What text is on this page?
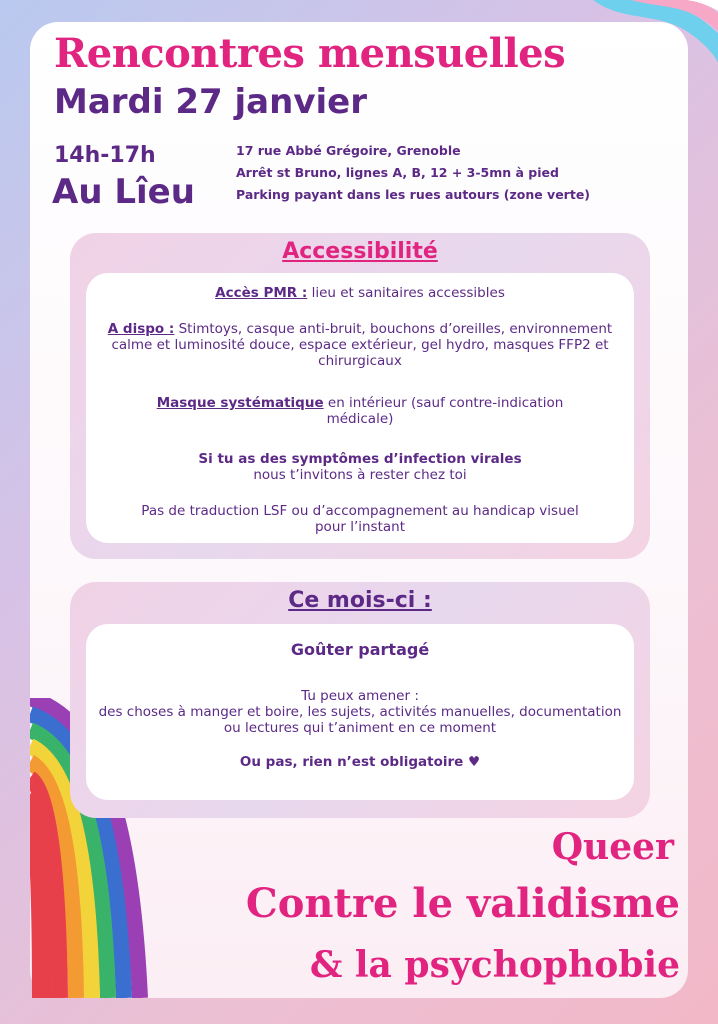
Rencontres mensuelles
Mardi 27 janvier
14h-17h
Au Lîeu
17 rue Abbé Grégoire, Grenoble
Arrêt st Bruno, lignes A, B, 12 + 3-5mn à pied
Parking payant dans les rues autours (zone verte)
Accessibilité
Accès PMR : lieu et sanitaires accessibles
A dispo : Stimtoys, casque anti-bruit, bouchons d’oreilles, environnement calme et luminosité douce, espace extérieur, gel hydro, masques FFP2 et chirurgicaux
Masque systématique en intérieur (sauf contre-indication médicale)
Si tu as des symptômes d’infection virales
nous t’invitons à rester chez toi
Pas de traduction LSF ou d’accompagnement au handicap visuel pour l’instant
Ce mois-ci :
Goûter partagé
Tu peux amener :
des choses à manger et boire, les sujets, activités manuelles, documentation ou lectures qui t’animent en ce moment
Ou pas, rien n’est obligatoire ♥
Queer
Contre le validisme
& la psychophobie
